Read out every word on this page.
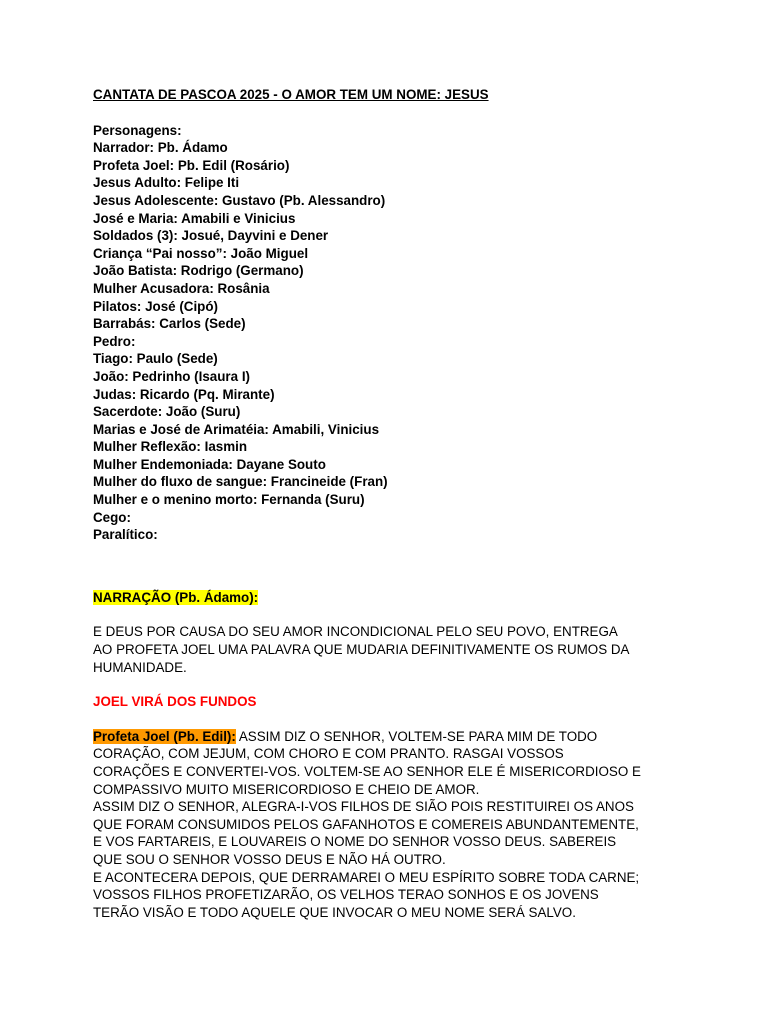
CANTATA DE PASCOA 2025 - O AMOR TEM UM NOME: JESUS
Personagens:
Narrador: Pb. Ádamo
Profeta Joel: Pb. Edil (Rosário)
Jesus Adulto: Felipe Iti
Jesus Adolescente: Gustavo (Pb. Alessandro)
José e Maria: Amabili e Vinicius
Soldados (3): Josué, Dayvini e Dener
Criança “Pai nosso”: João Miguel
João Batista: Rodrigo (Germano)
Mulher Acusadora: Rosânia
Pilatos: José (Cipó)
Barrabás: Carlos (Sede)
Pedro:
Tiago: Paulo (Sede)
João: Pedrinho (Isaura I)
Judas: Ricardo (Pq. Mirante)
Sacerdote: João (Suru)
Marias e José de Arimatéia: Amabili, Vinicius
Mulher Reflexão: Iasmin
Mulher Endemoniada: Dayane Souto
Mulher do fluxo de sangue: Francineide (Fran)
Mulher e o menino morto: Fernanda (Suru)
Cego:
Paralítico:
NARRAÇÃO (Pb. Ádamo):
E DEUS POR CAUSA DO SEU AMOR INCONDICIONAL PELO SEU POVO, ENTREGA
AO PROFETA JOEL UMA PALAVRA QUE MUDARIA DEFINITIVAMENTE OS RUMOS DA
HUMANIDADE.
JOEL VIRÁ DOS FUNDOS
Profeta Joel (Pb. Edil): ASSIM DIZ O SENHOR, VOLTEM-SE PARA MIM DE TODO
CORAÇÃO, COM JEJUM, COM CHORO E COM PRANTO. RASGAI VOSSOS
CORAÇÕES E CONVERTEI-VOS. VOLTEM-SE AO SENHOR ELE É MISERICORDIOSO E
COMPASSIVO MUITO MISERICORDIOSO E CHEIO DE AMOR.
ASSIM DIZ O SENHOR, ALEGRA-I-VOS FILHOS DE SIÃO POIS RESTITUIREI OS ANOS
QUE FORAM CONSUMIDOS PELOS GAFANHOTOS E COMEREIS ABUNDANTEMENTE,
E VOS FARTAREIS, E LOUVAREIS O NOME DO SENHOR VOSSO DEUS. SABEREIS
QUE SOU O SENHOR VOSSO DEUS E NÃO HÁ OUTRO.
E ACONTECERA DEPOIS, QUE DERRAMAREI O MEU ESPÍRITO SOBRE TODA CARNE;
VOSSOS FILHOS PROFETIZARÃO, OS VELHOS TERAO SONHOS E OS JOVENS
TERÃO VISÃO E TODO AQUELE QUE INVOCAR O MEU NOME SERÁ SALVO.
